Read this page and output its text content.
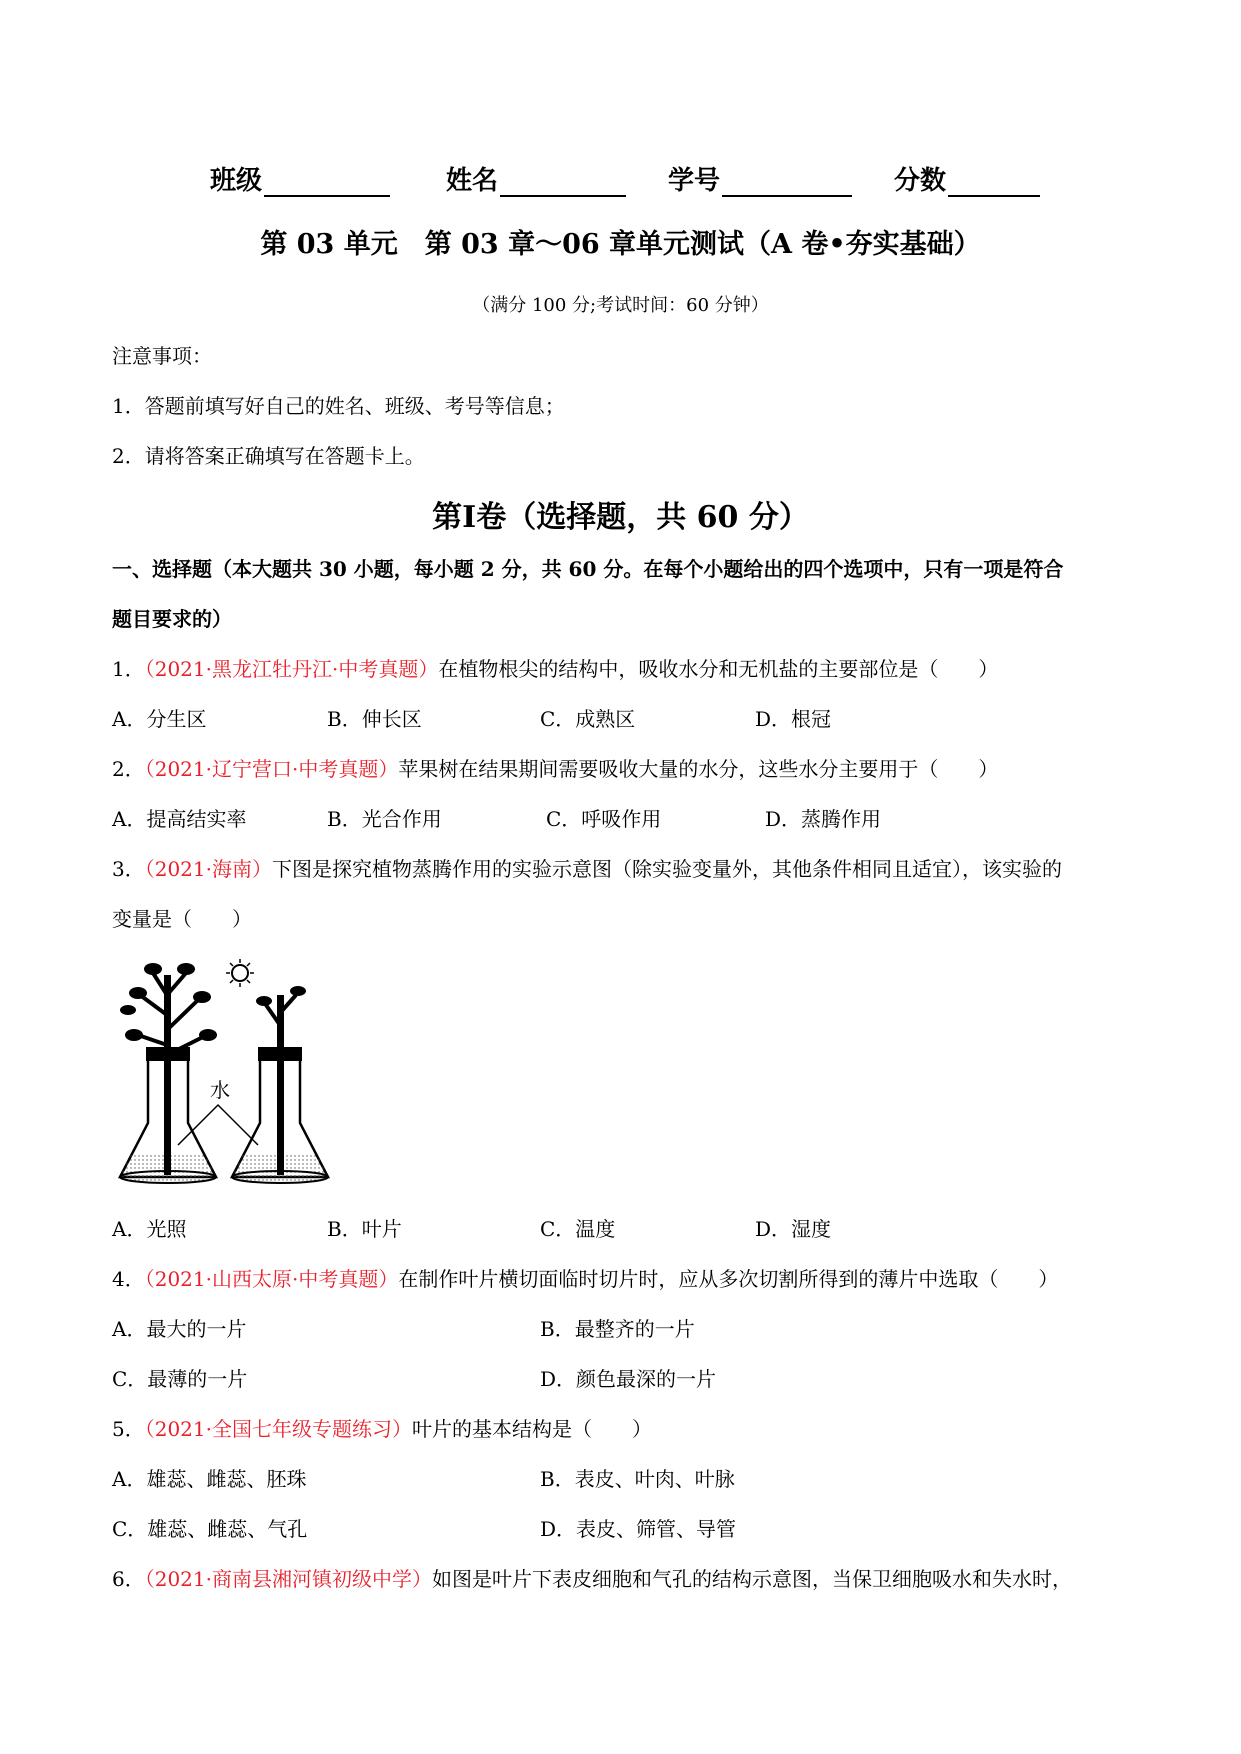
班级	姓名	学号	分数
第 03 单元　第 03 章～06 章单元测试（A 卷•夯实基础）
（满分 100 分;考试时间：60 分钟）
注意事项：
1．答题前填写好自己的姓名、班级、考号等信息；
2．请将答案正确填写在答题卡上。
第Ⅰ卷（选择题，共 60 分）
一、选择题（本大题共 30 小题，每小题 2 分，共 60 分。在每个小题给出的四个选项中，只有一项是符合
题目要求的）
1．（2021·黑龙江牡丹江·中考真题）在植物根尖的结构中，吸收水分和无机盐的主要部位是（　　）
A．分生区	B．伸长区	C．成熟区	D．根冠
2．（2021·辽宁营口·中考真题）苹果树在结果期间需要吸收大量的水分，这些水分主要用于（　　）
A．提高结实率	B．光合作用	C．呼吸作用	D．蒸腾作用
3．（2021·海南）下图是探究植物蒸腾作用的实验示意图（除实验变量外，其他条件相同且适宜），该实验的
变量是（　　）
水
A．光照	B．叶片	C．温度	D．湿度
4．（2021·山西太原·中考真题）在制作叶片横切面临时切片时，应从多次切割所得到的薄片中选取（　　）
A．最大的一片	B．最整齐的一片
C．最薄的一片	D．颜色最深的一片
5．（2021·全国七年级专题练习）叶片的基本结构是（　　）
A．雄蕊、雌蕊、胚珠	B．表皮、叶肉、叶脉
C．雄蕊、雌蕊、气孔	D．表皮、筛管、导管
6．（2021·商南县湘河镇初级中学）如图是叶片下表皮细胞和气孔的结构示意图，当保卫细胞吸水和失水时，
